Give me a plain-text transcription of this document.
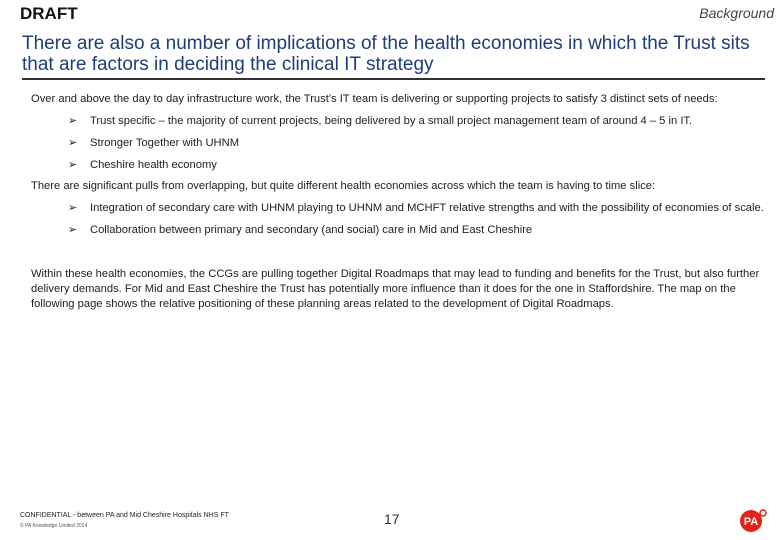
DRAFT	Background
There are also a number of implications of the health economies in which the Trust sits that are factors in deciding the clinical IT strategy

Over and above the day to day infrastructure work, the Trust's IT team is delivering or supporting projects to satisfy 3 distinct sets of needs:

➢ Trust specific – the majority of current projects, being delivered by a small project management team of around 4 – 5 in IT.
➢ Stronger Together with UHNM
➢ Cheshire health economy

There are significant pulls from overlapping, but quite different health economies across which the team is having to time slice:

➢ Integration of secondary care with UHNM playing to UHNM and MCHFT relative strengths and with the possibility of economies of scale.
➢ Collaboration between primary and secondary (and social) care in Mid and East Cheshire

Within these health economies, the CCGs are pulling together Digital Roadmaps that may lead to funding and benefits for the Trust, but also further delivery demands. For Mid and East Cheshire the Trust has potentially more influence than it does for the one in Staffordshire. The map on the following page shows the relative positioning of these planning areas related to the development of Digital Roadmaps.

CONFIDENTIAL - between PA and Mid Cheshire Hospitals NHS FT
© PA Knowledge Limited 2014	17	PA
